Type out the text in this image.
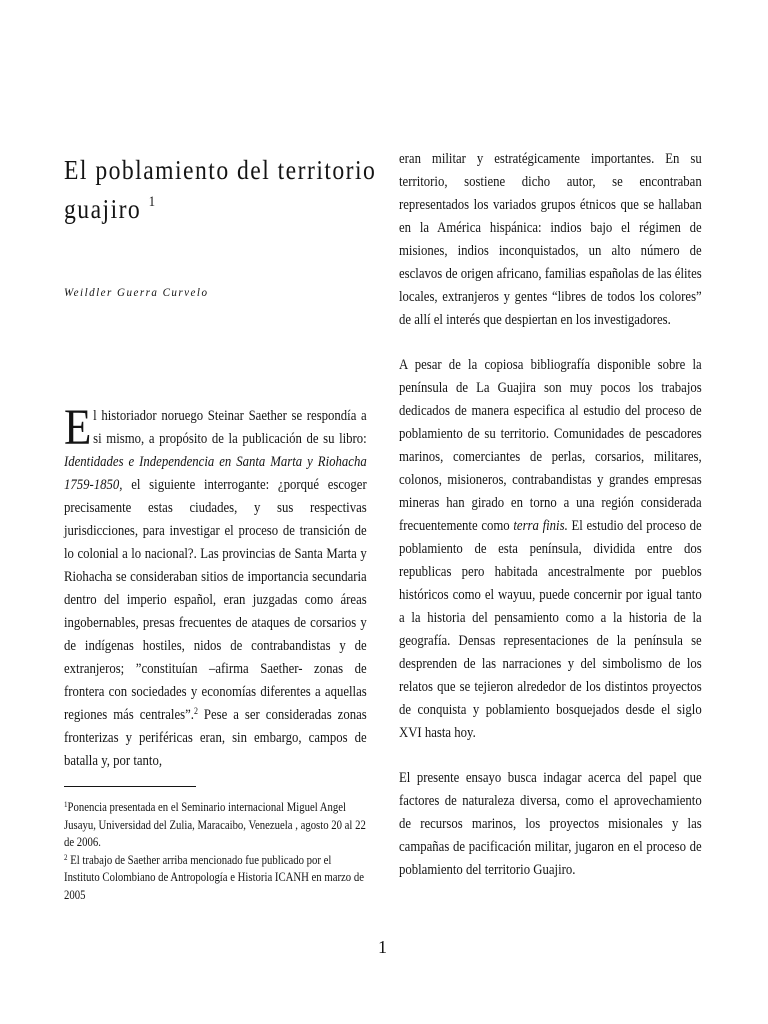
El poblamiento del territorio
guajiro $^1$
Weildler Guerra Curvelo

El historiador noruego Steinar Saether se respondía a si mismo, a propósito de la publicación de su libro: Identidades e Independencia en Santa Marta y Riohacha 1759-1850, el siguiente interrogante: ¿porqué escoger precisamente estas ciudades, y sus respectivas jurisdicciones, para investigar el proceso de transición de lo colonial a lo nacional?. Las provincias de Santa Marta y Riohacha se consideraban sitios de importancia secundaria dentro del imperio español, eran juzgadas como áreas ingobernables, presas frecuentes de ataques de corsarios y de indígenas hostiles, nidos de contrabandistas y de extranjeros; ”constituían –afirma Saether- zonas de frontera con sociedades y economías diferentes a aquellas regiones más centrales”.$^2$ Pese a ser consideradas zonas fronterizas y periféricas eran, sin embargo, campos de batalla y, por tanto,

eran militar y estratégicamente importantes. En su territorio, sostiene dicho autor, se encontraban representados los variados grupos étnicos que se hallaban en la América hispánica: indios bajo el régimen de misiones, indios inconquistados, un alto número de esclavos de origen africano, familias españolas de las élites locales, extranjeros y gentes “libres de todos los colores” de allí el interés que despiertan en los investigadores.

A pesar de la copiosa bibliografía disponible sobre la península de La Guajira son muy pocos los trabajos dedicados de manera especifica al estudio del proceso de poblamiento de su territorio. Comunidades de pescadores marinos, comerciantes de perlas, corsarios, militares, colonos, misioneros, contrabandistas y grandes empresas mineras han girado en torno a una región considerada frecuentemente como terra finis. El estudio del proceso de poblamiento de esta península, dividida entre dos republicas pero habitada ancestralmente por pueblos históricos como el wayuu, puede concernir por igual tanto a la historia del pensamiento como a la historia de la geografía. Densas representaciones de la península se desprenden de las narraciones y del simbolismo de los relatos que se tejieron alrededor de los distintos proyectos de conquista y poblamiento bosquejados desde el siglo XVI hasta hoy.

El presente ensayo busca indagar acerca del papel que factores de naturaleza diversa, como el aprovechamiento de recursos marinos, los proyectos misionales y las campañas de pacificación militar, jugaron en el proceso de poblamiento del territorio Guajiro.

$^1$Ponencia presentada en el Seminario internacional Miguel Angel Jusayu, Universidad del Zulia, Maracaibo, Venezuela , agosto 20 al 22 de 2006.

$^2$ El trabajo de Saether arriba mencionado fue publicado por el Instituto Colombiano de Antropología e Historia ICANH en marzo de 2005

1
